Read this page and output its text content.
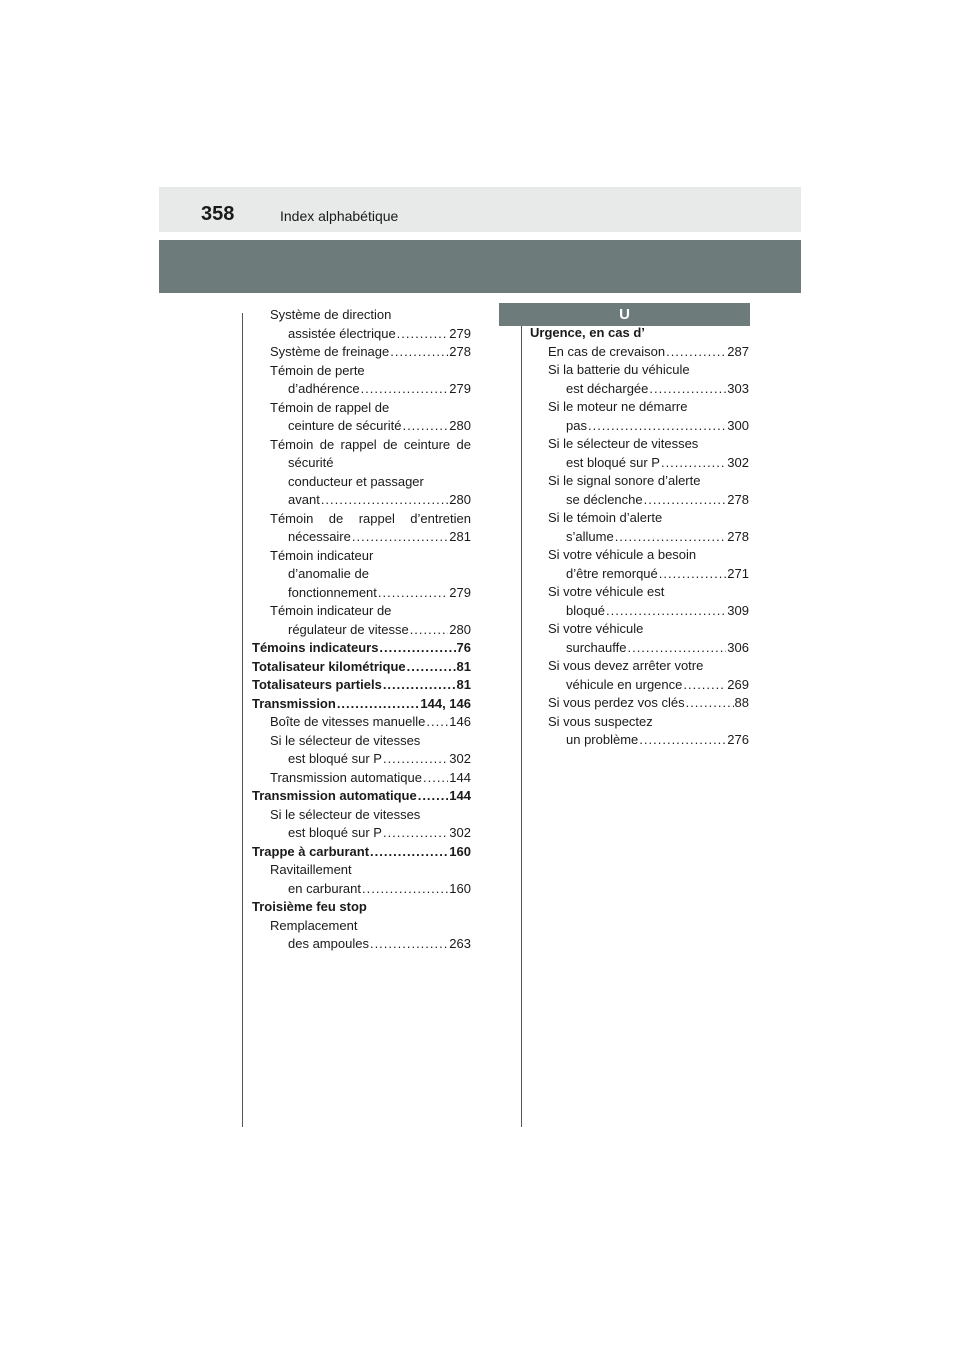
358	Index alphabétique
Système de direction
assistée électrique .....	279
Système de freinage .....	278
Témoin de perte
d’adhérence .....	279
Témoin de rappel de
ceinture de sécurité .....	280
Témoin de rappel de ceinture de
sécurité
conducteur et passager
avant .....	280
Témoin de rappel d’entretien
nécessaire .....	281
Témoin indicateur
d’anomalie de
fonctionnement .....	279
Témoin indicateur de
régulateur de vitesse .....	280
Témoins indicateurs .....	76
Totalisateur kilométrique .....	81
Totalisateurs partiels .....	81
Transmission .....	144, 146
Boîte de vitesses manuelle ..... 146
Si le sélecteur de vitesses
est bloqué sur P .....	302
Transmission automatique ..... 144
Transmission automatique .....	144
Si le sélecteur de vitesses
est bloqué sur P .....	302
Trappe à carburant .....	160
Ravitaillement
en carburant .....	160
Troisième feu stop
Remplacement
des ampoules .....	263
U
Urgence, en cas d’
En cas de crevaison .....	287
Si la batterie du véhicule
est déchargée .....	303
Si le moteur ne démarre
pas .....	300
Si le sélecteur de vitesses
est bloqué sur P .....	302
Si le signal sonore d’alerte
se déclenche .....	278
Si le témoin d’alerte
s’allume .....	278
Si votre véhicule a besoin
d’être remorqué .....	271
Si votre véhicule est
bloqué .....	309
Si votre véhicule
surchauffe .....	306
Si vous devez arrêter votre
véhicule en urgence .....	269
Si vous perdez vos clés .....	88
Si vous suspectez
un problème .....	276
